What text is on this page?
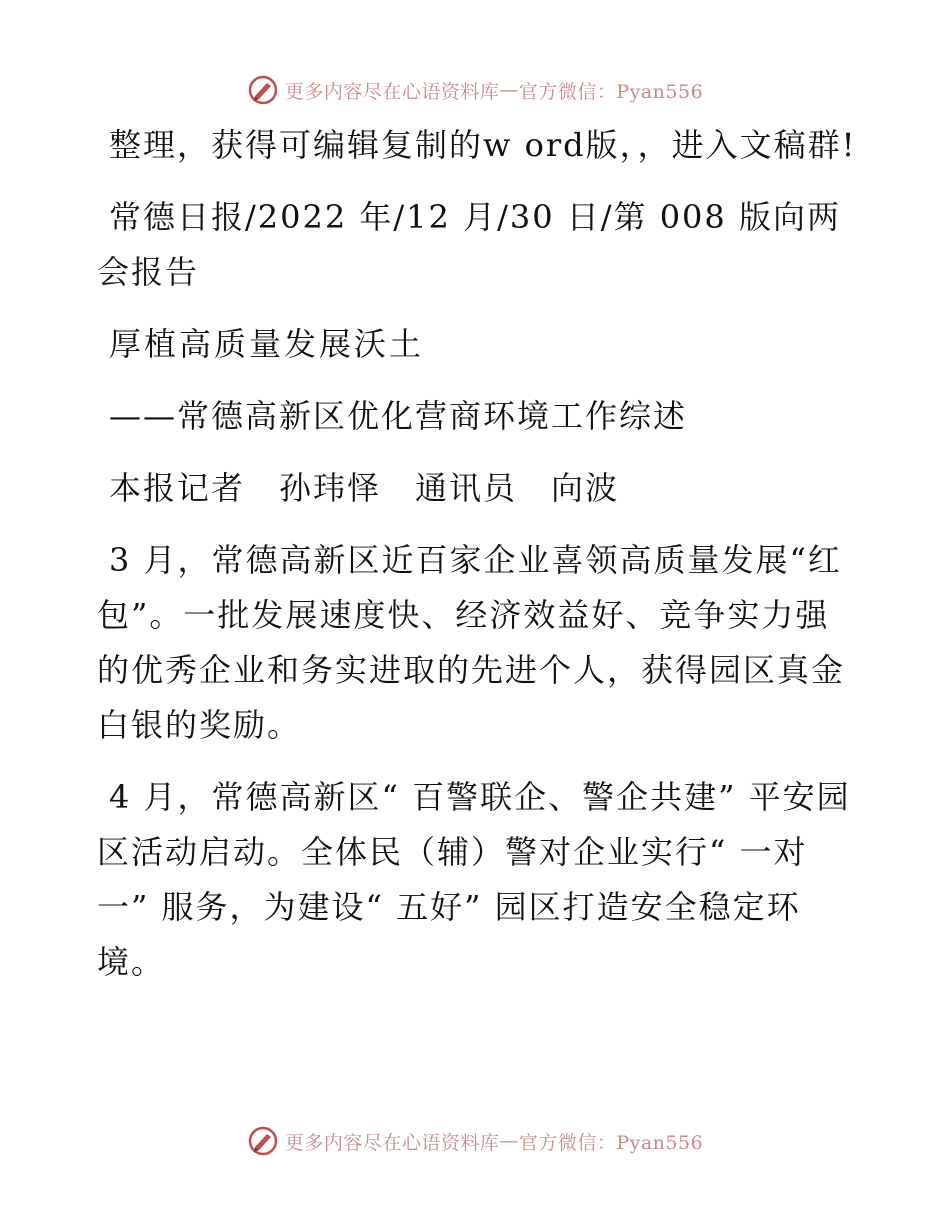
更多内容尽在心语资料库 — 官方微信：Pyan556

整理，获得可编辑复制的w ord版，，进入文稿群!

常德日报/2022 年/12 月/30 日/第 008 版向两会报告

厚植高质量发展沃土

——常德高新区优化营商环境工作综述

本报记者　孙玮怿　通讯员　向波

3 月，常德高新区近百家企业喜领高质量发展“红包”。一批发展速度快、经济效益好、竞争实力强的优秀企业和务实进取的先进个人，获得园区真金白银的奖励。

4 月，常德高新区“ 百警联企、警企共建” 平安园区活动启动。全体民（辅）警对企业实行“ 一对一” 服务，为建设“ 五好” 园区打造安全稳定环境。

更多内容尽在心语资料库 — 官方微信：Pyan556
